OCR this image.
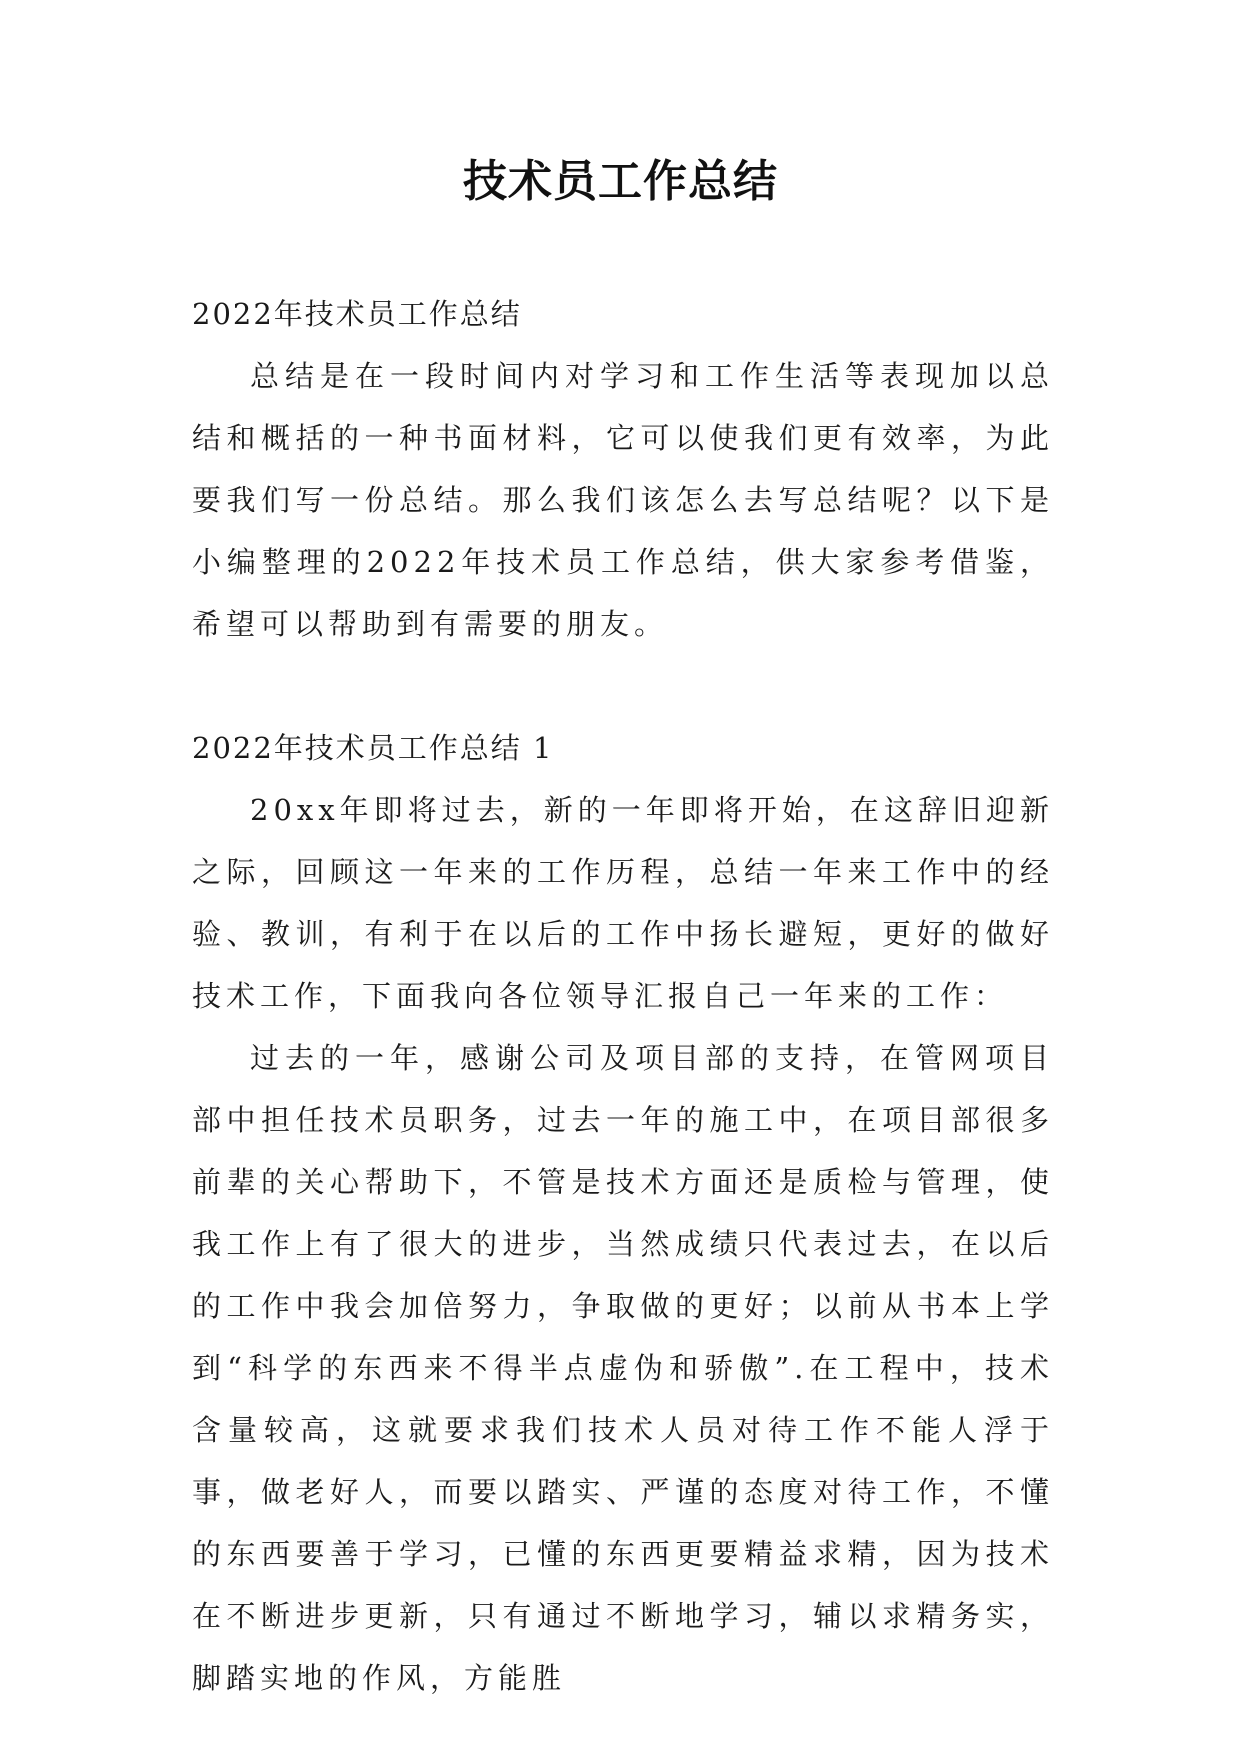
技术员工作总结

2022年技术员工作总结

总结是在一段时间内对学习和工作生活等表现加以总结和概括的一种书面材料，它可以使我们更有效率，为此要我们写一份总结。那么我们该怎么去写总结呢？以下是小编整理的2022年技术员工作总结，供大家参考借鉴，希望可以帮助到有需要的朋友。

2022年技术员工作总结 1

20xx年即将过去，新的一年即将开始，在这辞旧迎新之际，回顾这一年来的工作历程，总结一年来工作中的经验、教训，有利于在以后的工作中扬长避短，更好的做好技术工作，下面我向各位领导汇报自己一年来的工作：

过去的一年，感谢公司及项目部的支持，在管网项目部中担任技术员职务，过去一年的施工中，在项目部很多前辈的关心帮助下，不管是技术方面还是质检与管理，使我工作上有了很大的进步，当然成绩只代表过去，在以后的工作中我会加倍努力，争取做的更好；以前从书本上学到“科学的东西来不得半点虚伪和骄傲”.在工程中，技术含量较高，这就要求我们技术人员对待工作不能人浮于事，做老好人，而要以踏实、严谨的态度对待工作，不懂的东西要善于学习，已懂的东西更要精益求精，因为技术在不断进步更新，只有通过不断地学习，辅以求精务实，脚踏实地的作风，方能胜
